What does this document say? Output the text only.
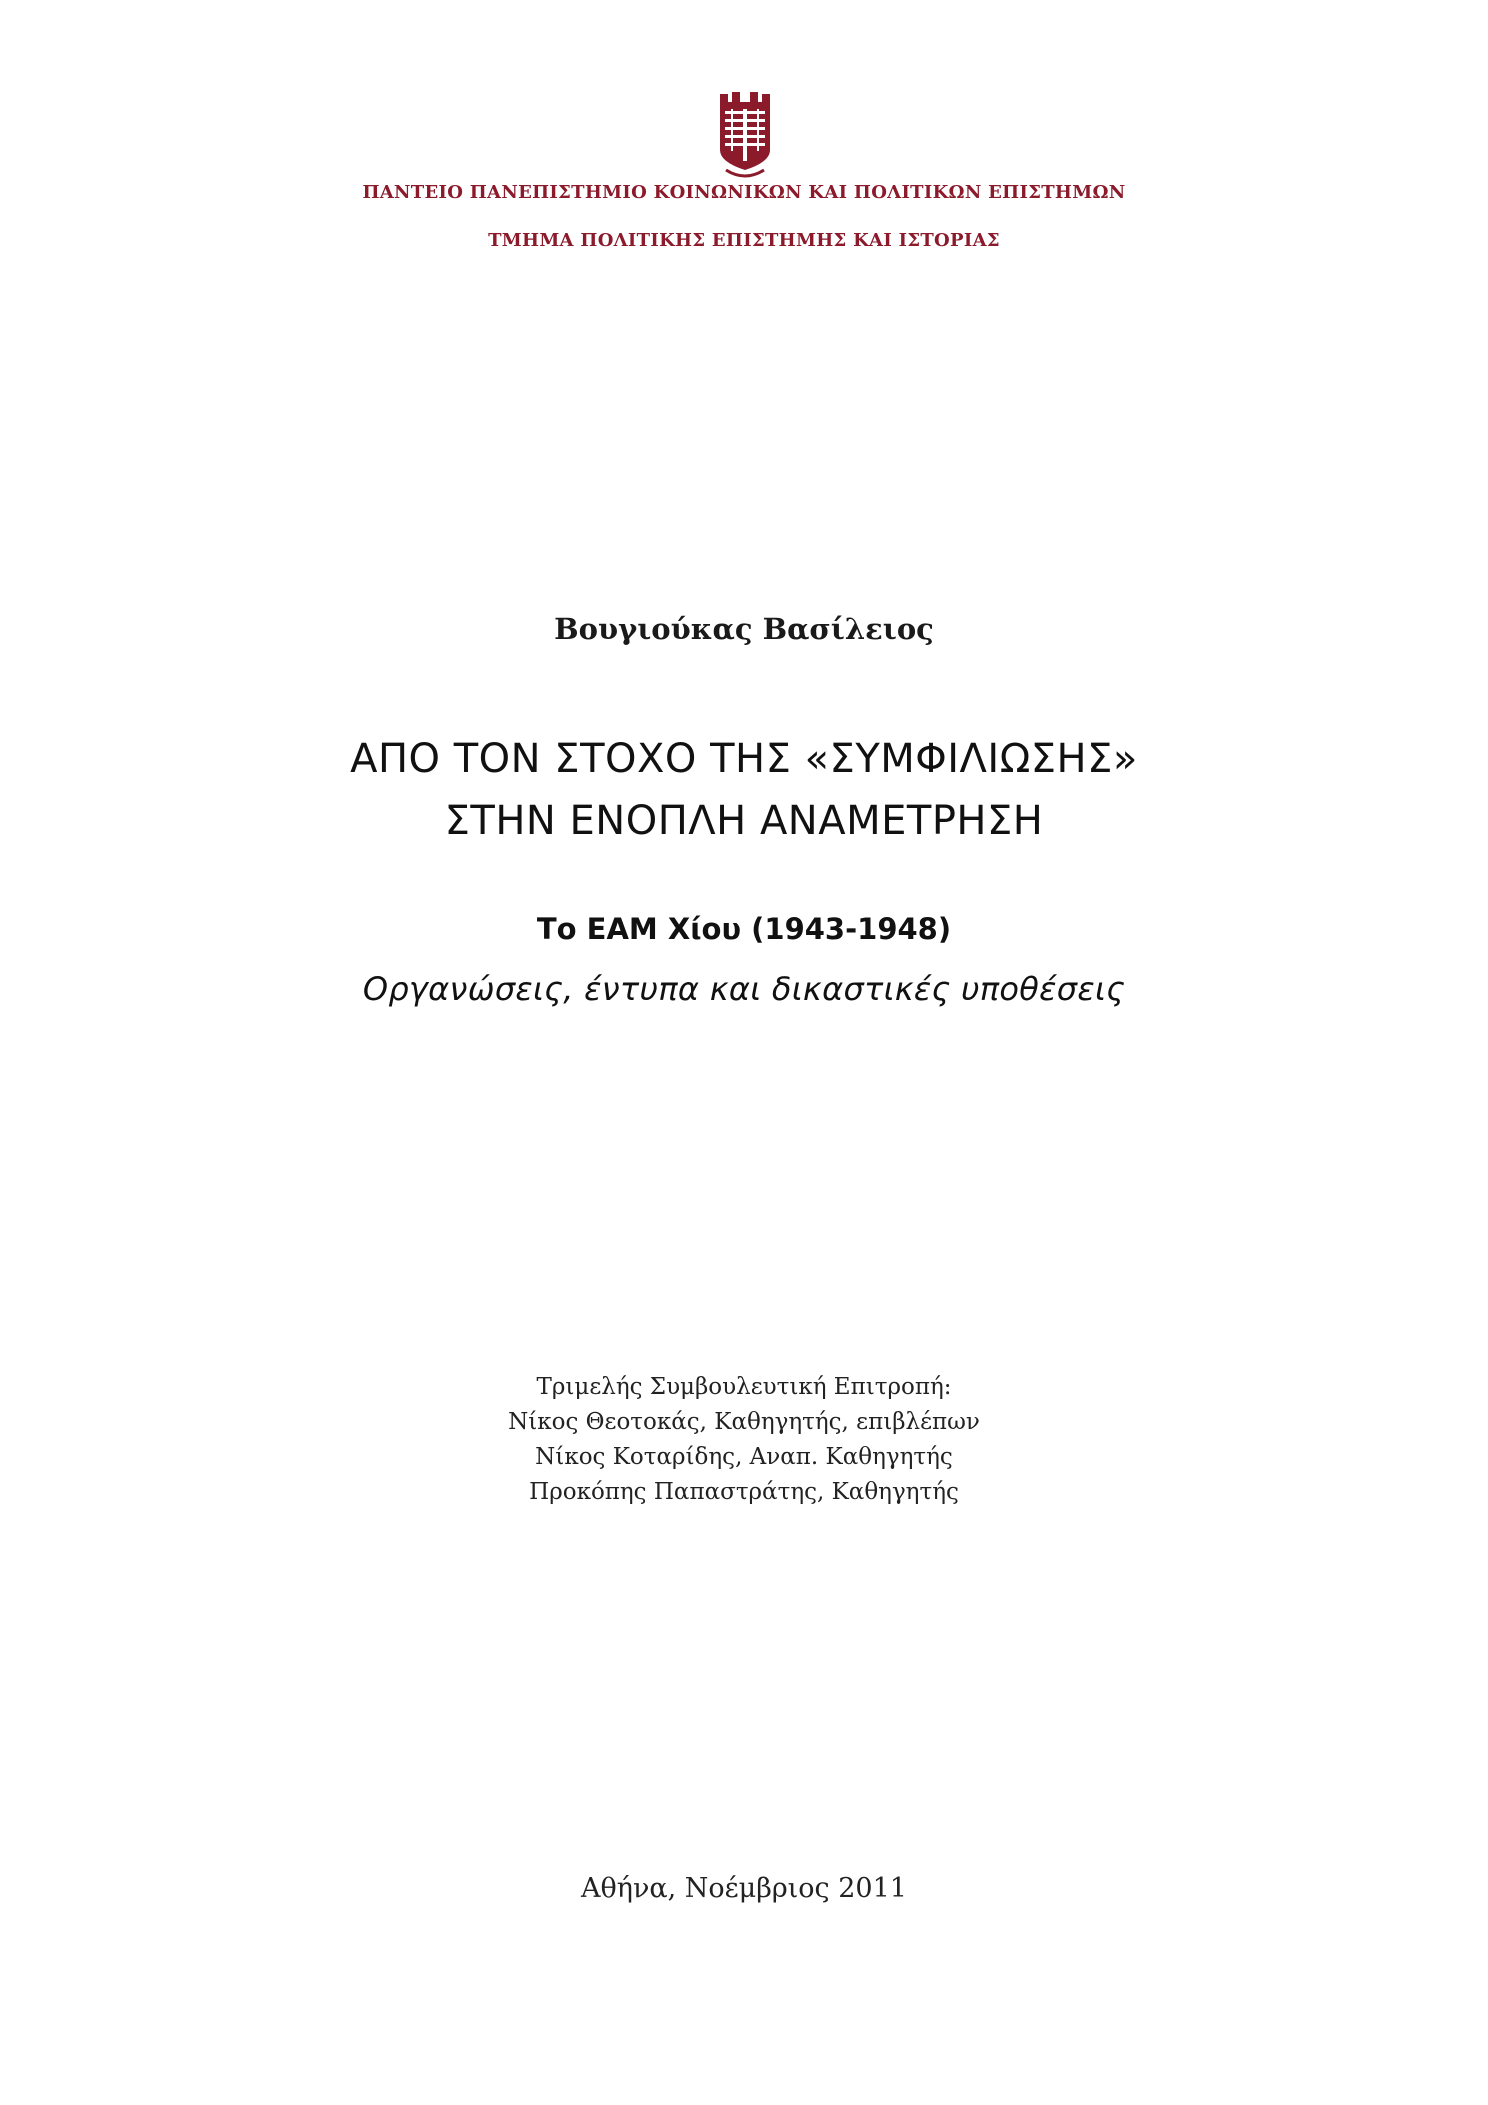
ΠΑΝΤΕΙΟ ΠΑΝΕΠΙΣΤΗΜΙΟ ΚΟΙΝΩΝΙΚΩΝ ΚΑΙ ΠΟΛΙΤΙΚΩΝ ΕΠΙΣΤΗΜΩΝ
ΤΜΗΜΑ ΠΟΛΙΤΙΚΗΣ ΕΠΙΣΤΗΜΗΣ ΚΑΙ ΙΣΤΟΡΙΑΣ
Βουγιούκας Βασίλειος
ΑΠΟ ΤΟΝ ΣΤΟΧΟ ΤΗΣ «ΣΥΜΦΙΛΙΩΣΗΣ»
ΣΤΗΝ ΕΝΟΠΛΗ ΑΝΑΜΕΤΡΗΣΗ
Το ΕΑΜ Χίου (1943-1948)
Οργανώσεις, έντυπα και δικαστικές υποθέσεις
Τριμελής Συμβουλευτική Επιτροπή:
Νίκος Θεοτοκάς, Καθηγητής, επιβλέπων
Νίκος Κοταρίδης, Αναπ. Καθηγητής
Προκόπης Παπαστράτης, Καθηγητής
Αθήνα, Νοέμβριος 2011
